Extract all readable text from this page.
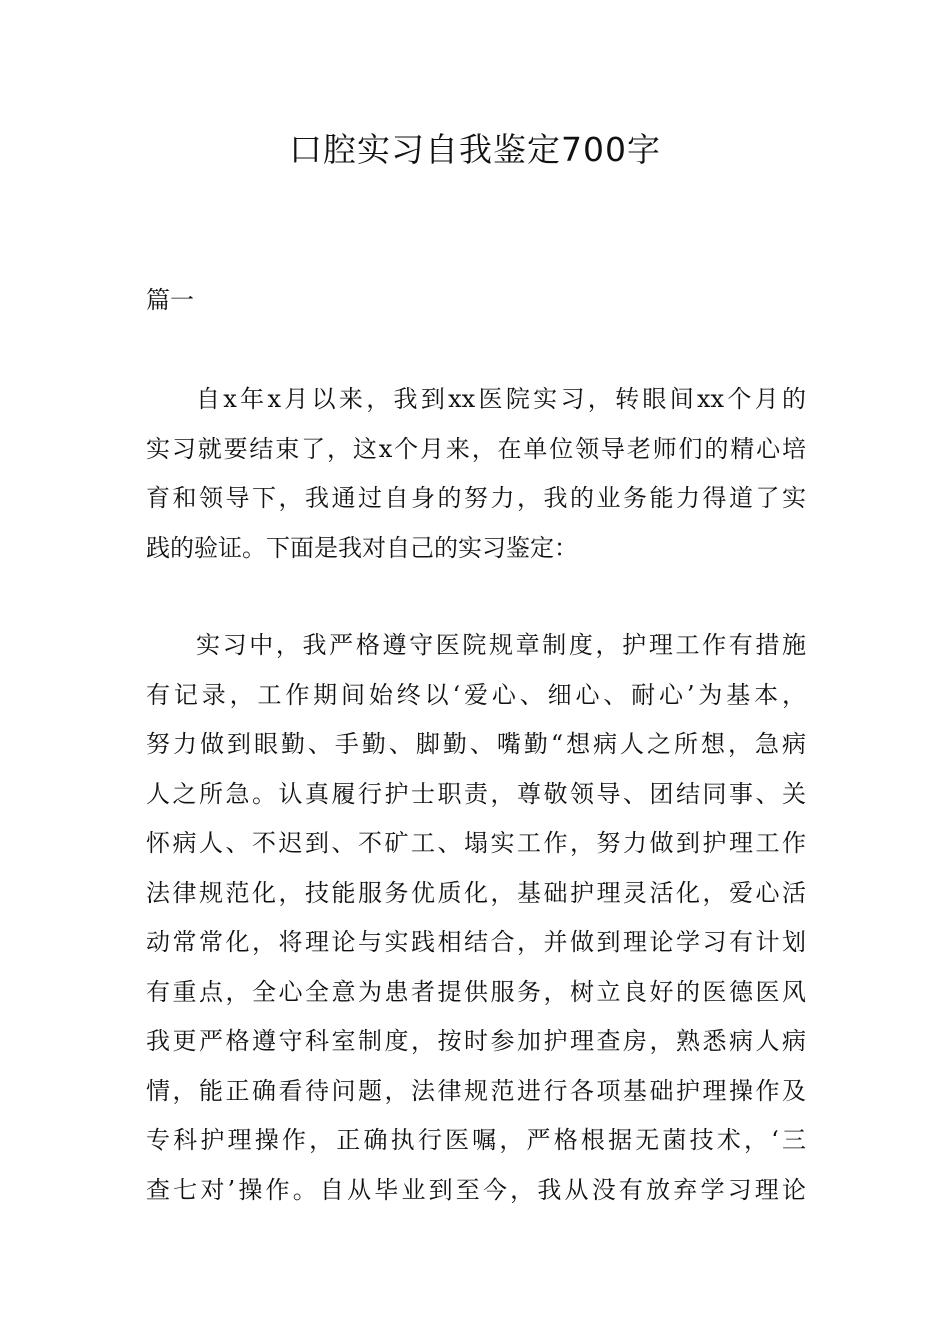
口腔实习自我鉴定700字

篇一

自x年x月以来，我到xx医院实习，转眼间xx个月的
实习就要结束了，这x个月来，在单位领导老师们的精心培
育和领导下，我通过自身的努力，我的业务能力得道了实
践的验证。下面是我对自己的实习鉴定：
实习中，我严格遵守医院规章制度，护理工作有措施
有记录，工作期间始终以‘爱心、细心、耐心’为基本，
努力做到眼勤、手勤、脚勤、嘴勤“想病人之所想，急病
人之所急。认真履行护士职责，尊敬领导、团结同事、关
怀病人、不迟到、不矿工、塌实工作，努力做到护理工作
法律规范化，技能服务优质化，基础护理灵活化，爱心活
动常常化，将理论与实践相结合，并做到理论学习有计划
有重点，全心全意为患者提供服务，树立良好的医德医风
我更严格遵守科室制度，按时参加护理查房，熟悉病人病
情，能正确看待问题，法律规范进行各项基础护理操作及
专科护理操作，正确执行医嘱，严格根据无菌技术，‘三
查七对’操作。自从毕业到至今，我从没有放弃学习理论
